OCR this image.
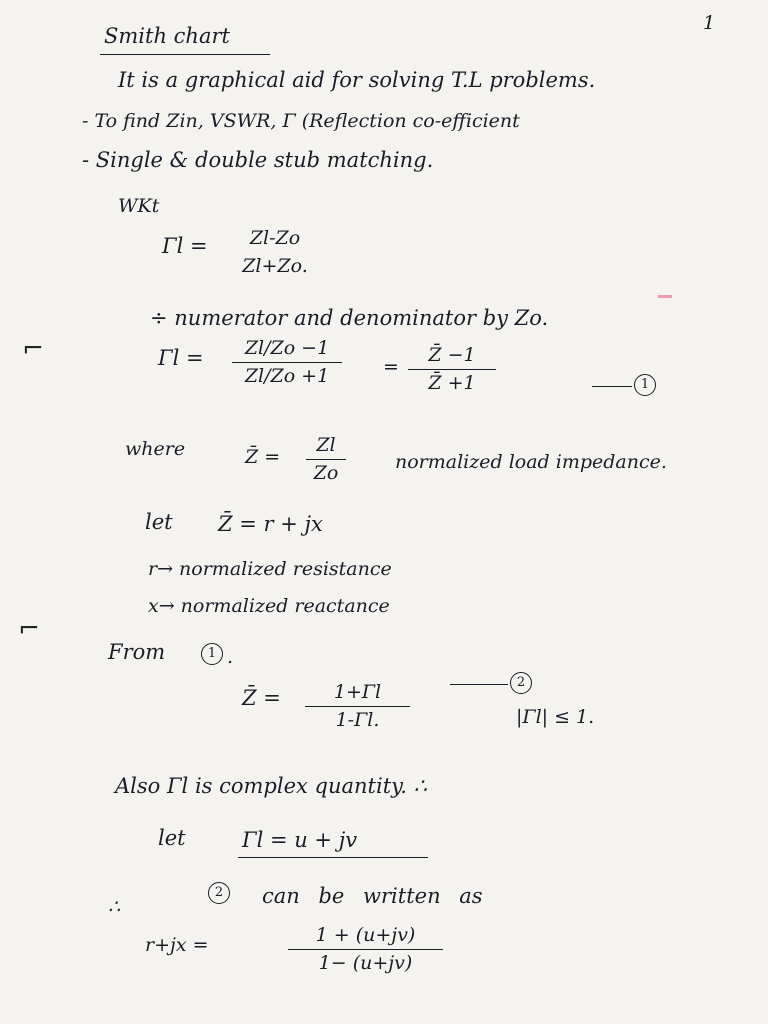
1
Smith chart
It is a graphical aid for solving T.L problems.
- To find Zin, VSWR, Γ (Reflection co-efficient
- Single & double stub matching.
WKt
Γl =	Zl-Zo
Zl+Zo.
÷ numerator and denominator by Zo.
⌐	Γl =	Zl/Zo −1
Zl/Zo +1	=
Z̄ −1
Z̄ +1	1
where	Z̄ =
Zl
Zo	normalized load impedance.
let Z̄ = r + jx
r→ normalized resistance
x→ normalized reactance
⌐
From	1 .
Z̄ =	1+Γl
1-Γl.
2
|Γl| ≤ 1.
Also Γl is complex quantity. ∴
let	Γl = u + jv
∴
2	can be written as
r+jx =	1 + (u+jv)
1− (u+jv)
